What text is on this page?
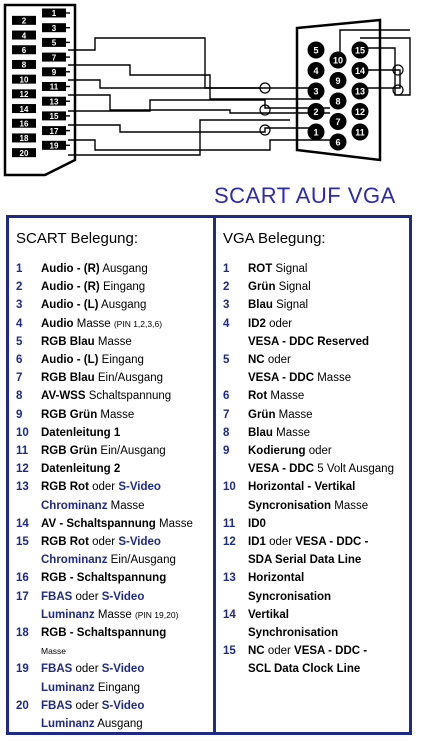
1
2
3
4
5
6
7
8
9
10
11
12
13
14
15
16
17
18
19
20
5
4
3
2
1
10
9
8
7
6
15
14
13
12
11
SCART AUF VGA
SCART Belegung:
1	Audio - (R) Ausgang
2	Audio - (R) Eingang
3	Audio - (L) Ausgang
4	Audio Masse (PIN 1,2,3,6)
5	RGB Blau Masse
6	Audio - (L) Eingang
7	RGB Blau Ein/Ausgang
8	AV-WSS Schaltspannung
9	RGB Grün Masse
10	Datenleitung 1
11	RGB Grün Ein/Ausgang
12	Datenleitung 2
13	RGB Rot oder S-Video
Chrominanz Masse
14	AV - Schaltspannung Masse
15	RGB Rot oder S-Video
Chrominanz Ein/Ausgang
16	RGB - Schaltspannung
17	FBAS oder S-Video
Luminanz Masse (PIN 19,20)
18	RGB - Schaltspannung
Masse
19	FBAS oder S-Video
Luminanz Eingang
20	FBAS oder S-Video
Luminanz Ausgang
VGA Belegung:
1	ROT Signal
2	Grün Signal
3	Blau Signal
4	ID2 oder
VESA - DDC Reserved
5	NC oder
VESA - DDC Masse
6	Rot Masse
7	Grün Masse
8	Blau Masse
9	Kodierung oder
VESA - DDC 5 Volt Ausgang
10	Horizontal - Vertikal
Syncronisation Masse
11	ID0
12	ID1 oder VESA - DDC -
SDA Serial Data Line
13	Horizontal
Syncronisation
14	Vertikal
Synchronisation
15	NC oder VESA - DDC -
SCL Data Clock Line
